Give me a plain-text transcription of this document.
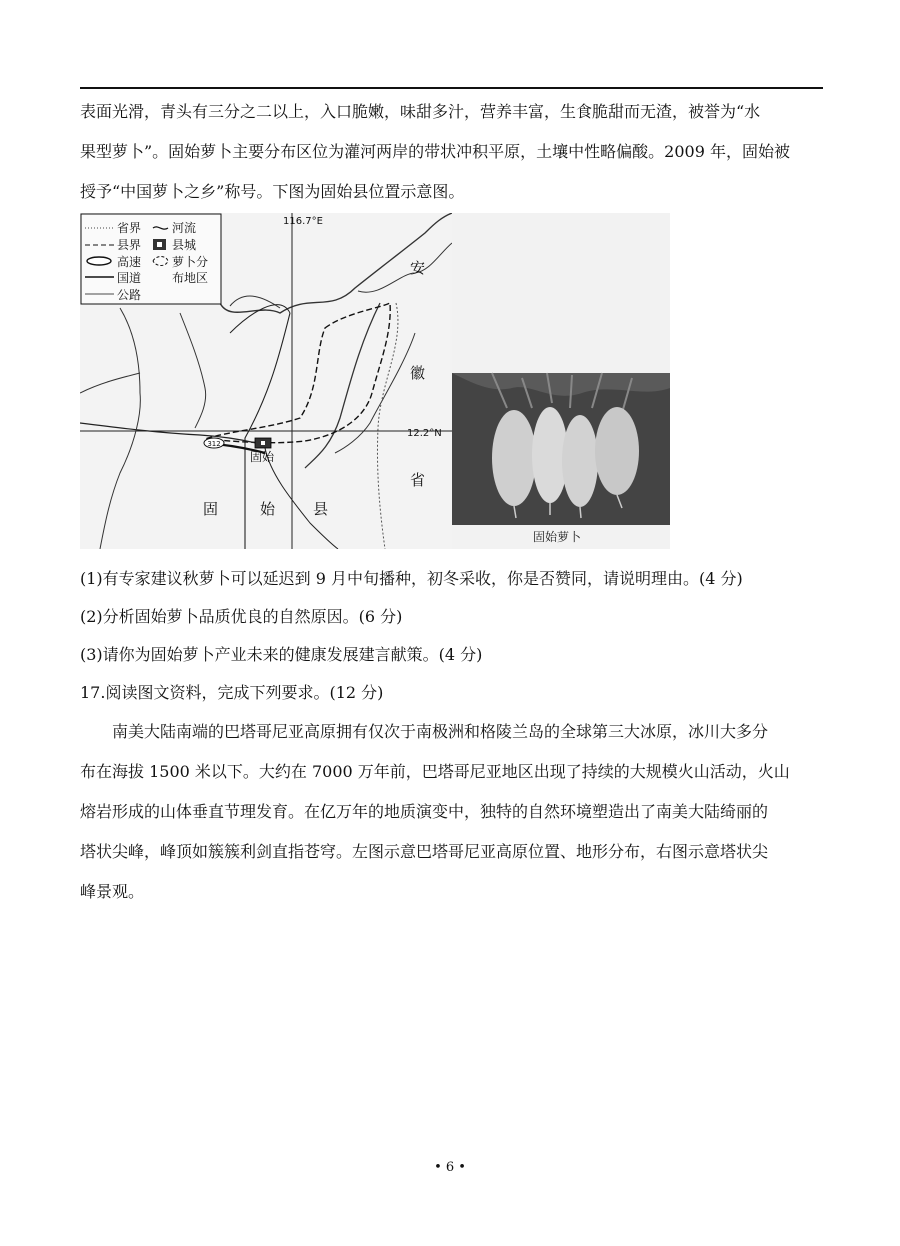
表面光滑，青头有三分之二以上，入口脆嫩，味甜多汁，营养丰富，生食脆甜而无渣，被誉为“水

果型萝卜”。固始萝卜主要分布区位为灌河两岸的带状冲积平原，土壤中性略偏酸。2009 年，固始被

授予“中国萝卜之乡”称号。下图为固始县位置示意图。

312
固始
116.7°E
12.2°N
安
徽
省
固	始	县
省界	河流
县界	县城
高速	萝卜分
布地区
国道
公路
固始萝卜
(1)有专家建议秋萝卜可以延迟到 9 月中旬播种，初冬采收，你是否赞同，请说明理由。(4 分)
(2)分析固始萝卜品质优良的自然原因。(6 分)
(3)请你为固始萝卜产业未来的健康发展建言献策。(4 分)
17.阅读图文资料，完成下列要求。(12 分)

南美大陆南端的巴塔哥尼亚高原拥有仅次于南极洲和格陵兰岛的全球第三大冰原，冰川大多分

布在海拔 1500 米以下。大约在 7000 万年前，巴塔哥尼亚地区出现了持续的大规模火山活动，火山

熔岩形成的山体垂直节理发育。在亿万年的地质演变中，独特的自然环境塑造出了南美大陆绮丽的

塔状尖峰，峰顶如簇簇利剑直指苍穹。左图示意巴塔哥尼亚高原位置、地形分布，右图示意塔状尖

峰景观。

• 6 •
